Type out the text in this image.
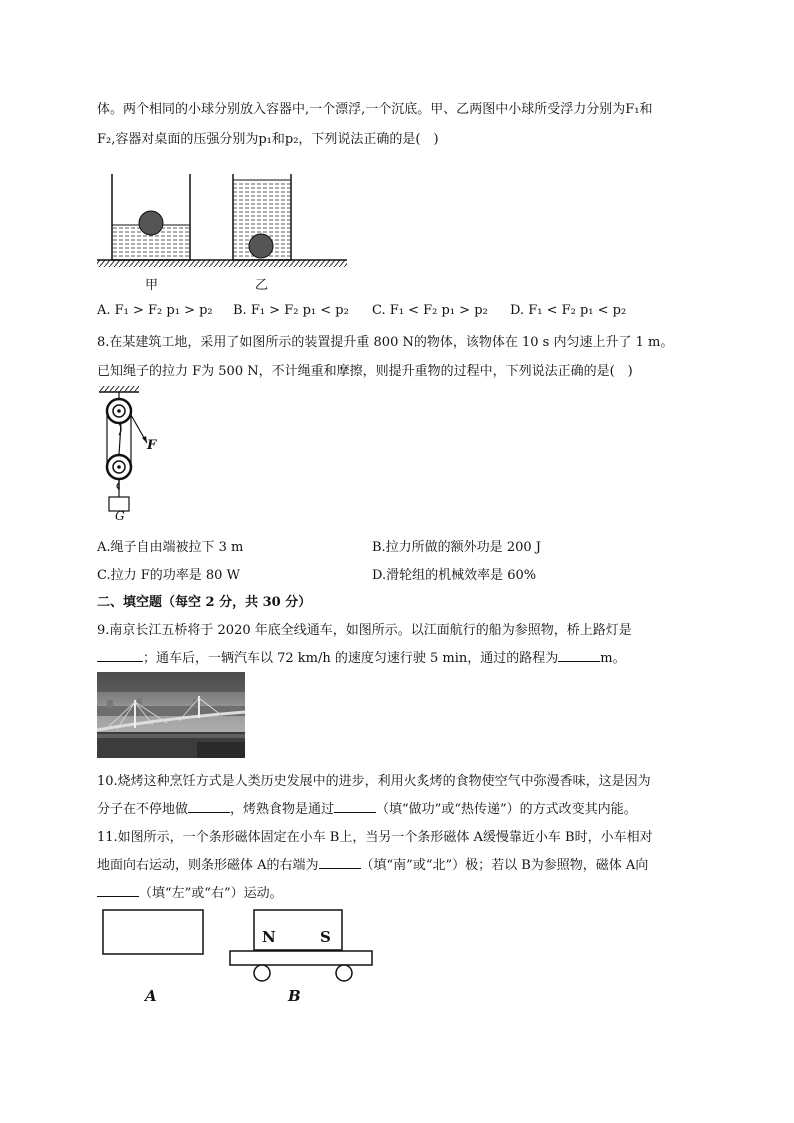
体。两个相同的小球分别放入容器中,一个漂浮,一个沉底。甲、乙两图中小球所受浮力分别为F₁和
F₂,容器对桌面的压强分别为p₁和p₂，下列说法正确的是(　)
甲	乙
A. F₁ > F₂ p₁ > p₂ B. F₁ > F₂ p₁ < p₂ C. F₁ < F₂ p₁ > p₂ D. F₁ < F₂ p₁ < p₂
8.在某建筑工地，采用了如图所示的装置提升重 800 N的物体，该物体在 10 s 内匀速上升了 1 m。
已知绳子的拉力 F为 500 N，不计绳重和摩擦，则提升重物的过程中，下列说法正确的是(　)
F
G
A.绳子自由端被拉下 3 m	B.拉力所做的额外功是 200 J
C.拉力 F的功率是 80 W	D.滑轮组的机械效率是 60%
二、填空题（每空 2 分，共 30 分）
9.南京长江五桥将于 2020 年底全线通车，如图所示。以江面航行的船为参照物，桥上路灯是
；通车后，一辆汽车以 72 km/h 的速度匀速行驶 5 min，通过的路程为	m。
10.烧烤这种烹饪方式是人类历史发展中的进步，利用火炙烤的食物使空气中弥漫香味，这是因为
分子在不停地做	，烤熟食物是通过	（填“做功”或“热传递”）的方式改变其内能。
11.如图所示，一个条形磁体固定在小车 B上，当另一个条形磁体 A缓慢靠近小车 B时，小车相对
地面向右运动，则条形磁体 A的右端为	（填“南”或“北”）极；若以 B为参照物，磁体 A向
（填“左”或“右”）运动。
N	S
A	B
